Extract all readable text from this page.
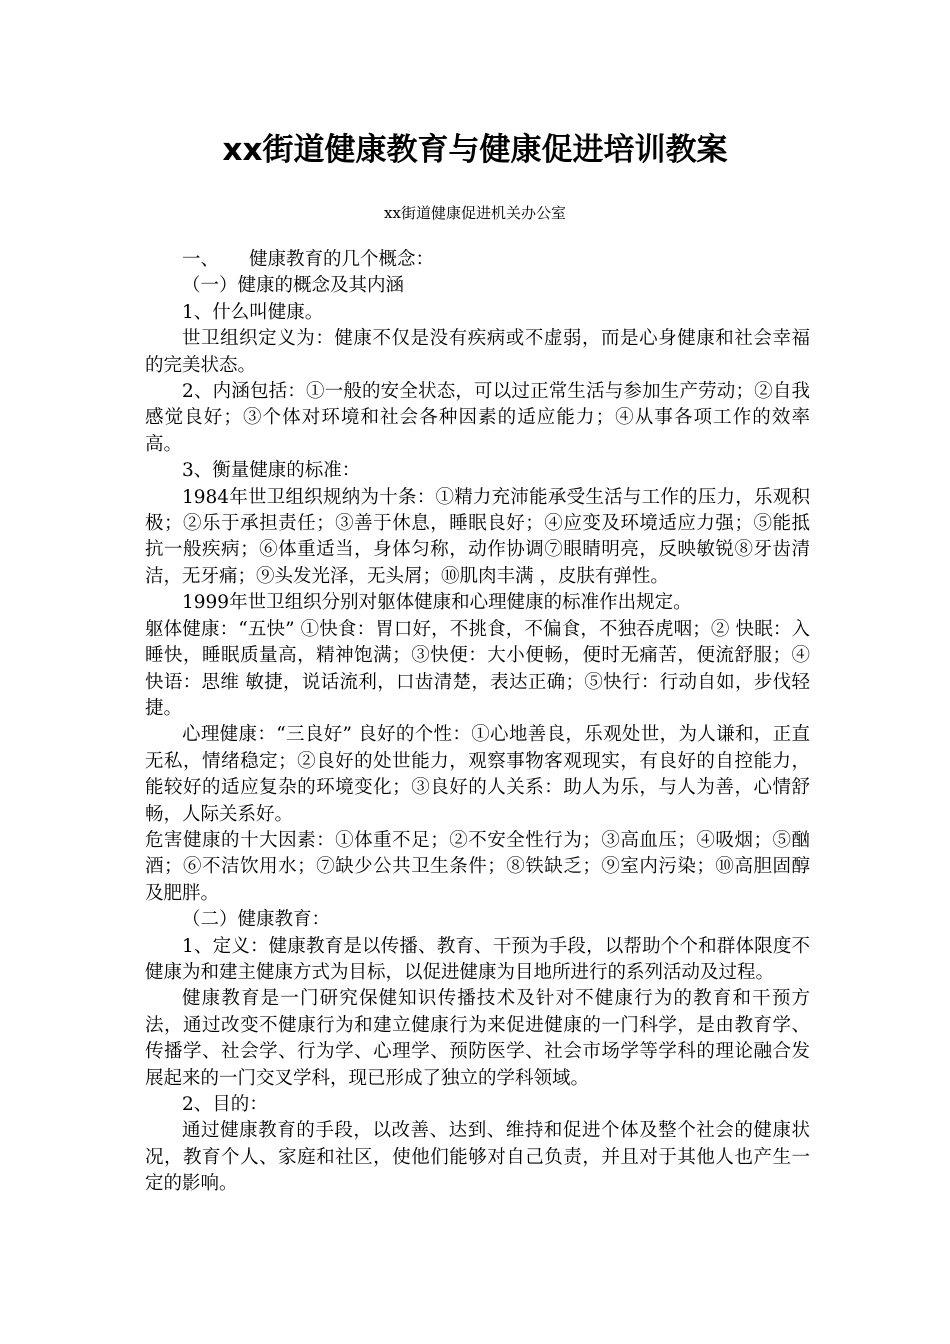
xx街道健康教育与健康促进培训教案

xx街道健康促进机关办公室

一、 健康教育的几个概念：

（一）健康的概念及其内涵

1、什么叫健康。

世卫组织定义为：健康不仅是没有疾病或不虚弱，而是心身健康和社会幸福的完美状态。

2、内涵包括：①一般的安全状态，可以过正常生活与参加生产劳动；②自我感觉良好；③个体对环境和社会各种因素的适应能力；④从事各项工作的效率高。

3、衡量健康的标准：

1984年世卫组织规纳为十条：①精力充沛能承受生活与工作的压力，乐观积极；②乐于承担责任；③善于休息，睡眠良好；④应变及环境适应力强；⑤能抵抗一般疾病；⑥体重适当，身体匀称，动作协调⑦眼睛明亮，反映敏锐⑧牙齿清洁，无牙痛；⑨头发光泽，无头屑；⑩肌肉丰满 ，皮肤有弹性。

1999年世卫组织分别对躯体健康和心理健康的标准作出规定。

躯体健康：“五快” ①快食：胃口好，不挑食，不偏食，不独吞虎咽；② 快眠：入睡快，睡眠质量高，精神饱满；③快便：大小便畅，便时无痛苦，便流舒服；④快语：思维 敏捷，说话流利，口齿清楚，表达正确；⑤快行：行动自如，步伐轻捷。

心理健康：“三良好” 良好的个性：①心地善良，乐观处世，为人谦和，正直无私，情绪稳定；②良好的处世能力，观察事物客观现实，有良好的自控能力，能较好的适应复杂的环境变化；③良好的人关系：助人为乐，与人为善，心情舒畅，人际关系好。

危害健康的十大因素：①体重不足；②不安全性行为；③高血压；④吸烟；⑤酗酒；⑥不洁饮用水；⑦缺少公共卫生条件；⑧铁缺乏；⑨室内污染；⑩高胆固醇及肥胖。

（二）健康教育：

1、定义：健康教育是以传播、教育、干预为手段，以帮助个个和群体限度不健康为和建主健康方式为目标，以促进健康为目地所进行的系列活动及过程。

健康教育是一门研究保健知识传播技术及针对不健康行为的教育和干预方法，通过改变不健康行为和建立健康行为来促进健康的一门科学，是由教育学、传播学、社会学、行为学、心理学、预防医学、社会市场学等学科的理论融合发展起来的一门交叉学科，现已形成了独立的学科领域。

2、目的：

通过健康教育的手段，以改善、达到、维持和促进个体及整个社会的健康状况，教育个人、家庭和社区，使他们能够对自己负责，并且对于其他人也产生一定的影响。
